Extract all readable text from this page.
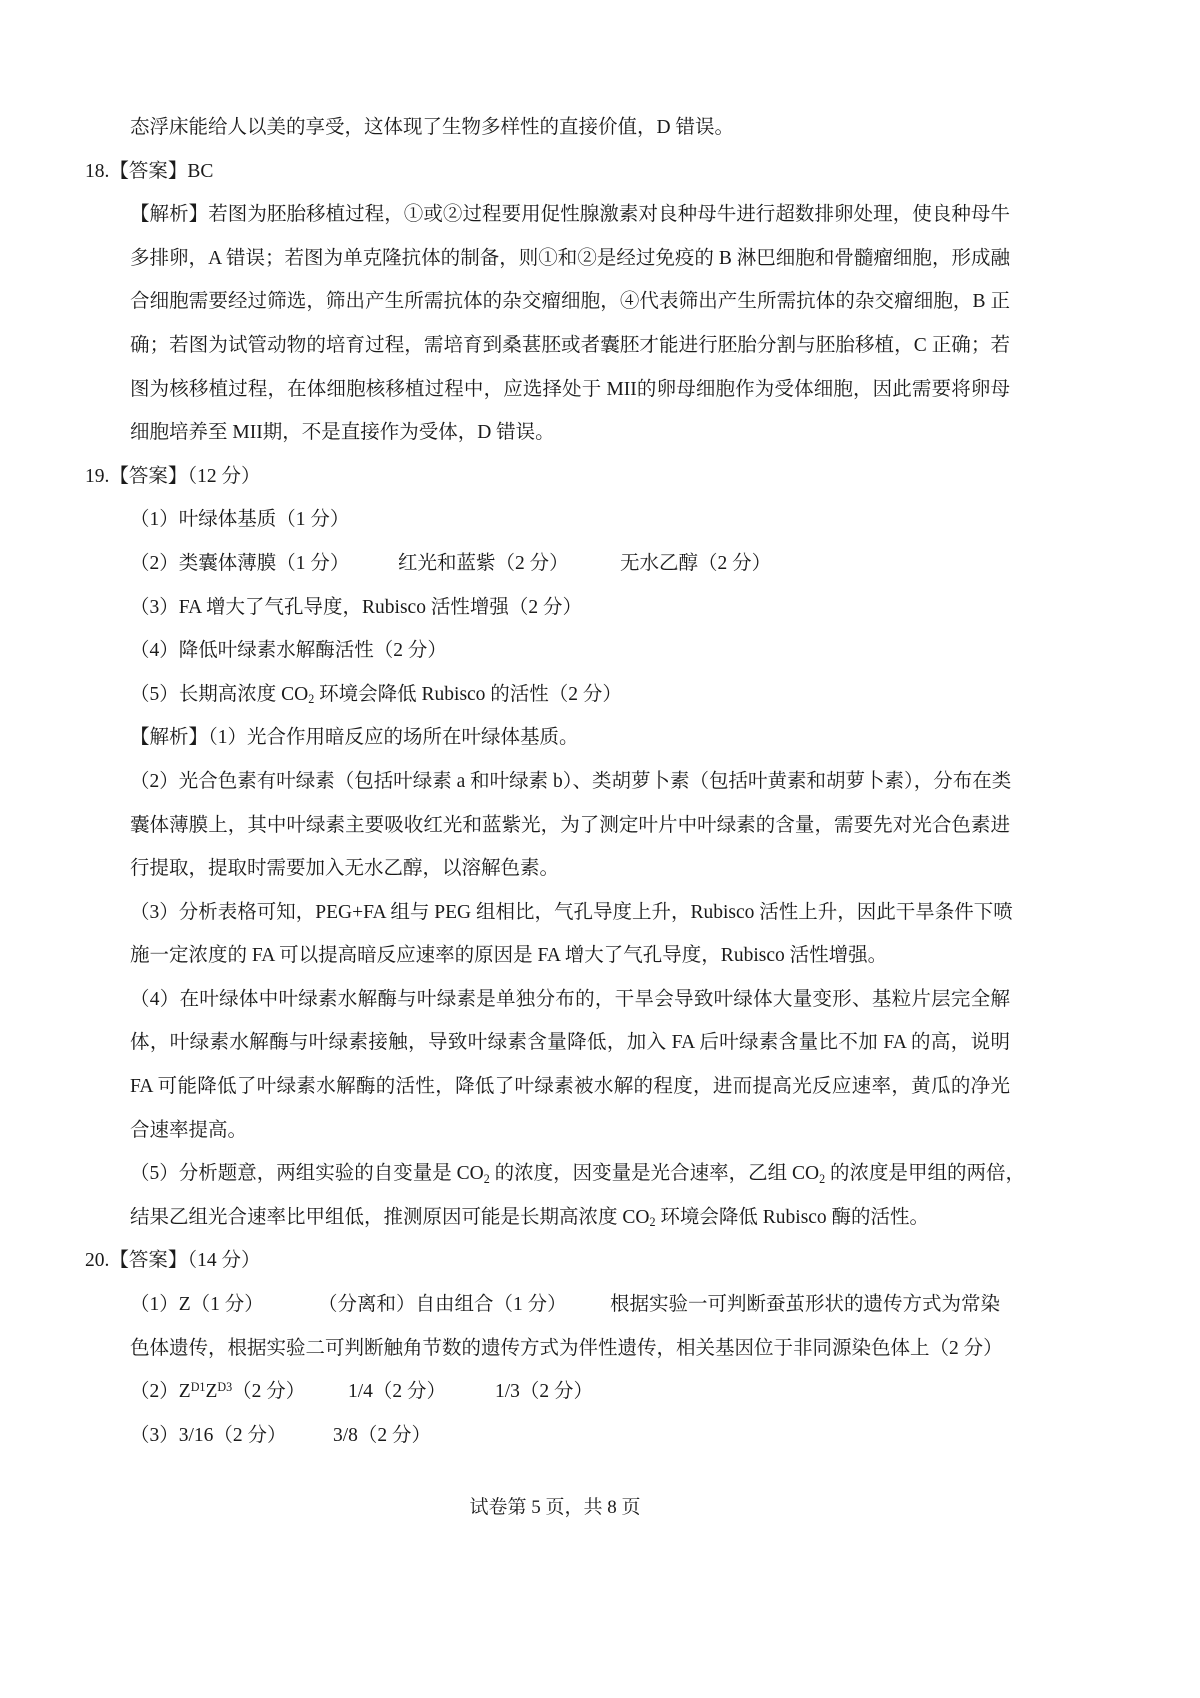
态浮床能给人以美的享受，这体现了生物多样性的直接价值，D 错误。
18.【答案】BC
【解析】若图为胚胎移植过程，①或②过程要用促性腺激素对良种母牛进行超数排卵处理，使良种母牛
多排卵，A 错误；若图为单克隆抗体的制备，则①和②是经过免疫的 B 淋巴细胞和骨髓瘤细胞，形成融
合细胞需要经过筛选，筛出产生所需抗体的杂交瘤细胞，④代表筛出产生所需抗体的杂交瘤细胞，B 正
确；若图为试管动物的培育过程，需培育到桑葚胚或者囊胚才能进行胚胎分割与胚胎移植，C 正确；若
图为核移植过程，在体细胞核移植过程中，应选择处于 MII的卵母细胞作为受体细胞，因此需要将卵母
细胞培养至 MII期，不是直接作为受体，D 错误。
19.【答案】（12 分）
（1）叶绿体基质（1 分）
（2）类囊体薄膜（1 分） 红光和蓝紫（2 分）	无水乙醇（2 分）
（3）FA 增大了气孔导度，Rubisco 活性增强（2 分）
（4）降低叶绿素水解酶活性（2 分）
（5）长期高浓度 $CO_2$ 环境会降低 Rubisco 的活性（2 分）
【解析】（1）光合作用暗反应的场所在叶绿体基质。
（2）光合色素有叶绿素（包括叶绿素 a 和叶绿素 b）、类胡萝卜素（包括叶黄素和胡萝卜素），分布在类
囊体薄膜上，其中叶绿素主要吸收红光和蓝紫光，为了测定叶片中叶绿素的含量，需要先对光合色素进
行提取，提取时需要加入无水乙醇，以溶解色素。
（3）分析表格可知，PEG+FA 组与 PEG 组相比，气孔导度上升，Rubisco 活性上升，因此干旱条件下喷
施一定浓度的 FA 可以提高暗反应速率的原因是 FA 增大了气孔导度，Rubisco 活性增强。
（4）在叶绿体中叶绿素水解酶与叶绿素是单独分布的，干旱会导致叶绿体大量变形、基粒片层完全解
体，叶绿素水解酶与叶绿素接触，导致叶绿素含量降低，加入 FA 后叶绿素含量比不加 FA 的高，说明
FA 可能降低了叶绿素水解酶的活性，降低了叶绿素被水解的程度，进而提高光反应速率，黄瓜的净光
合速率提高。
（5）分析题意，两组实验的自变量是 $CO_2$ 的浓度，因变量是光合速率，乙组 $CO_2$ 的浓度是甲组的两倍，
结果乙组光合速率比甲组低，推测原因可能是长期高浓度 $CO_2$ 环境会降低 Rubisco 酶的活性。
20.【答案】（14 分）
（1）Z（1 分）	（分离和）自由组合（1 分） 根据实验一可判断蚕茧形状的遗传方式为常染
色体遗传，根据实验二可判断触角节数的遗传方式为伴性遗传，相关基因位于非同源染色体上（2 分）
$(2)Z^{D1}Z^{D3}(2$ 分） 1/4（2 分）	1/3（2 分）
（3）3/16（2 分） 3/8（2 分）
试卷第 5 页，共 8 页
